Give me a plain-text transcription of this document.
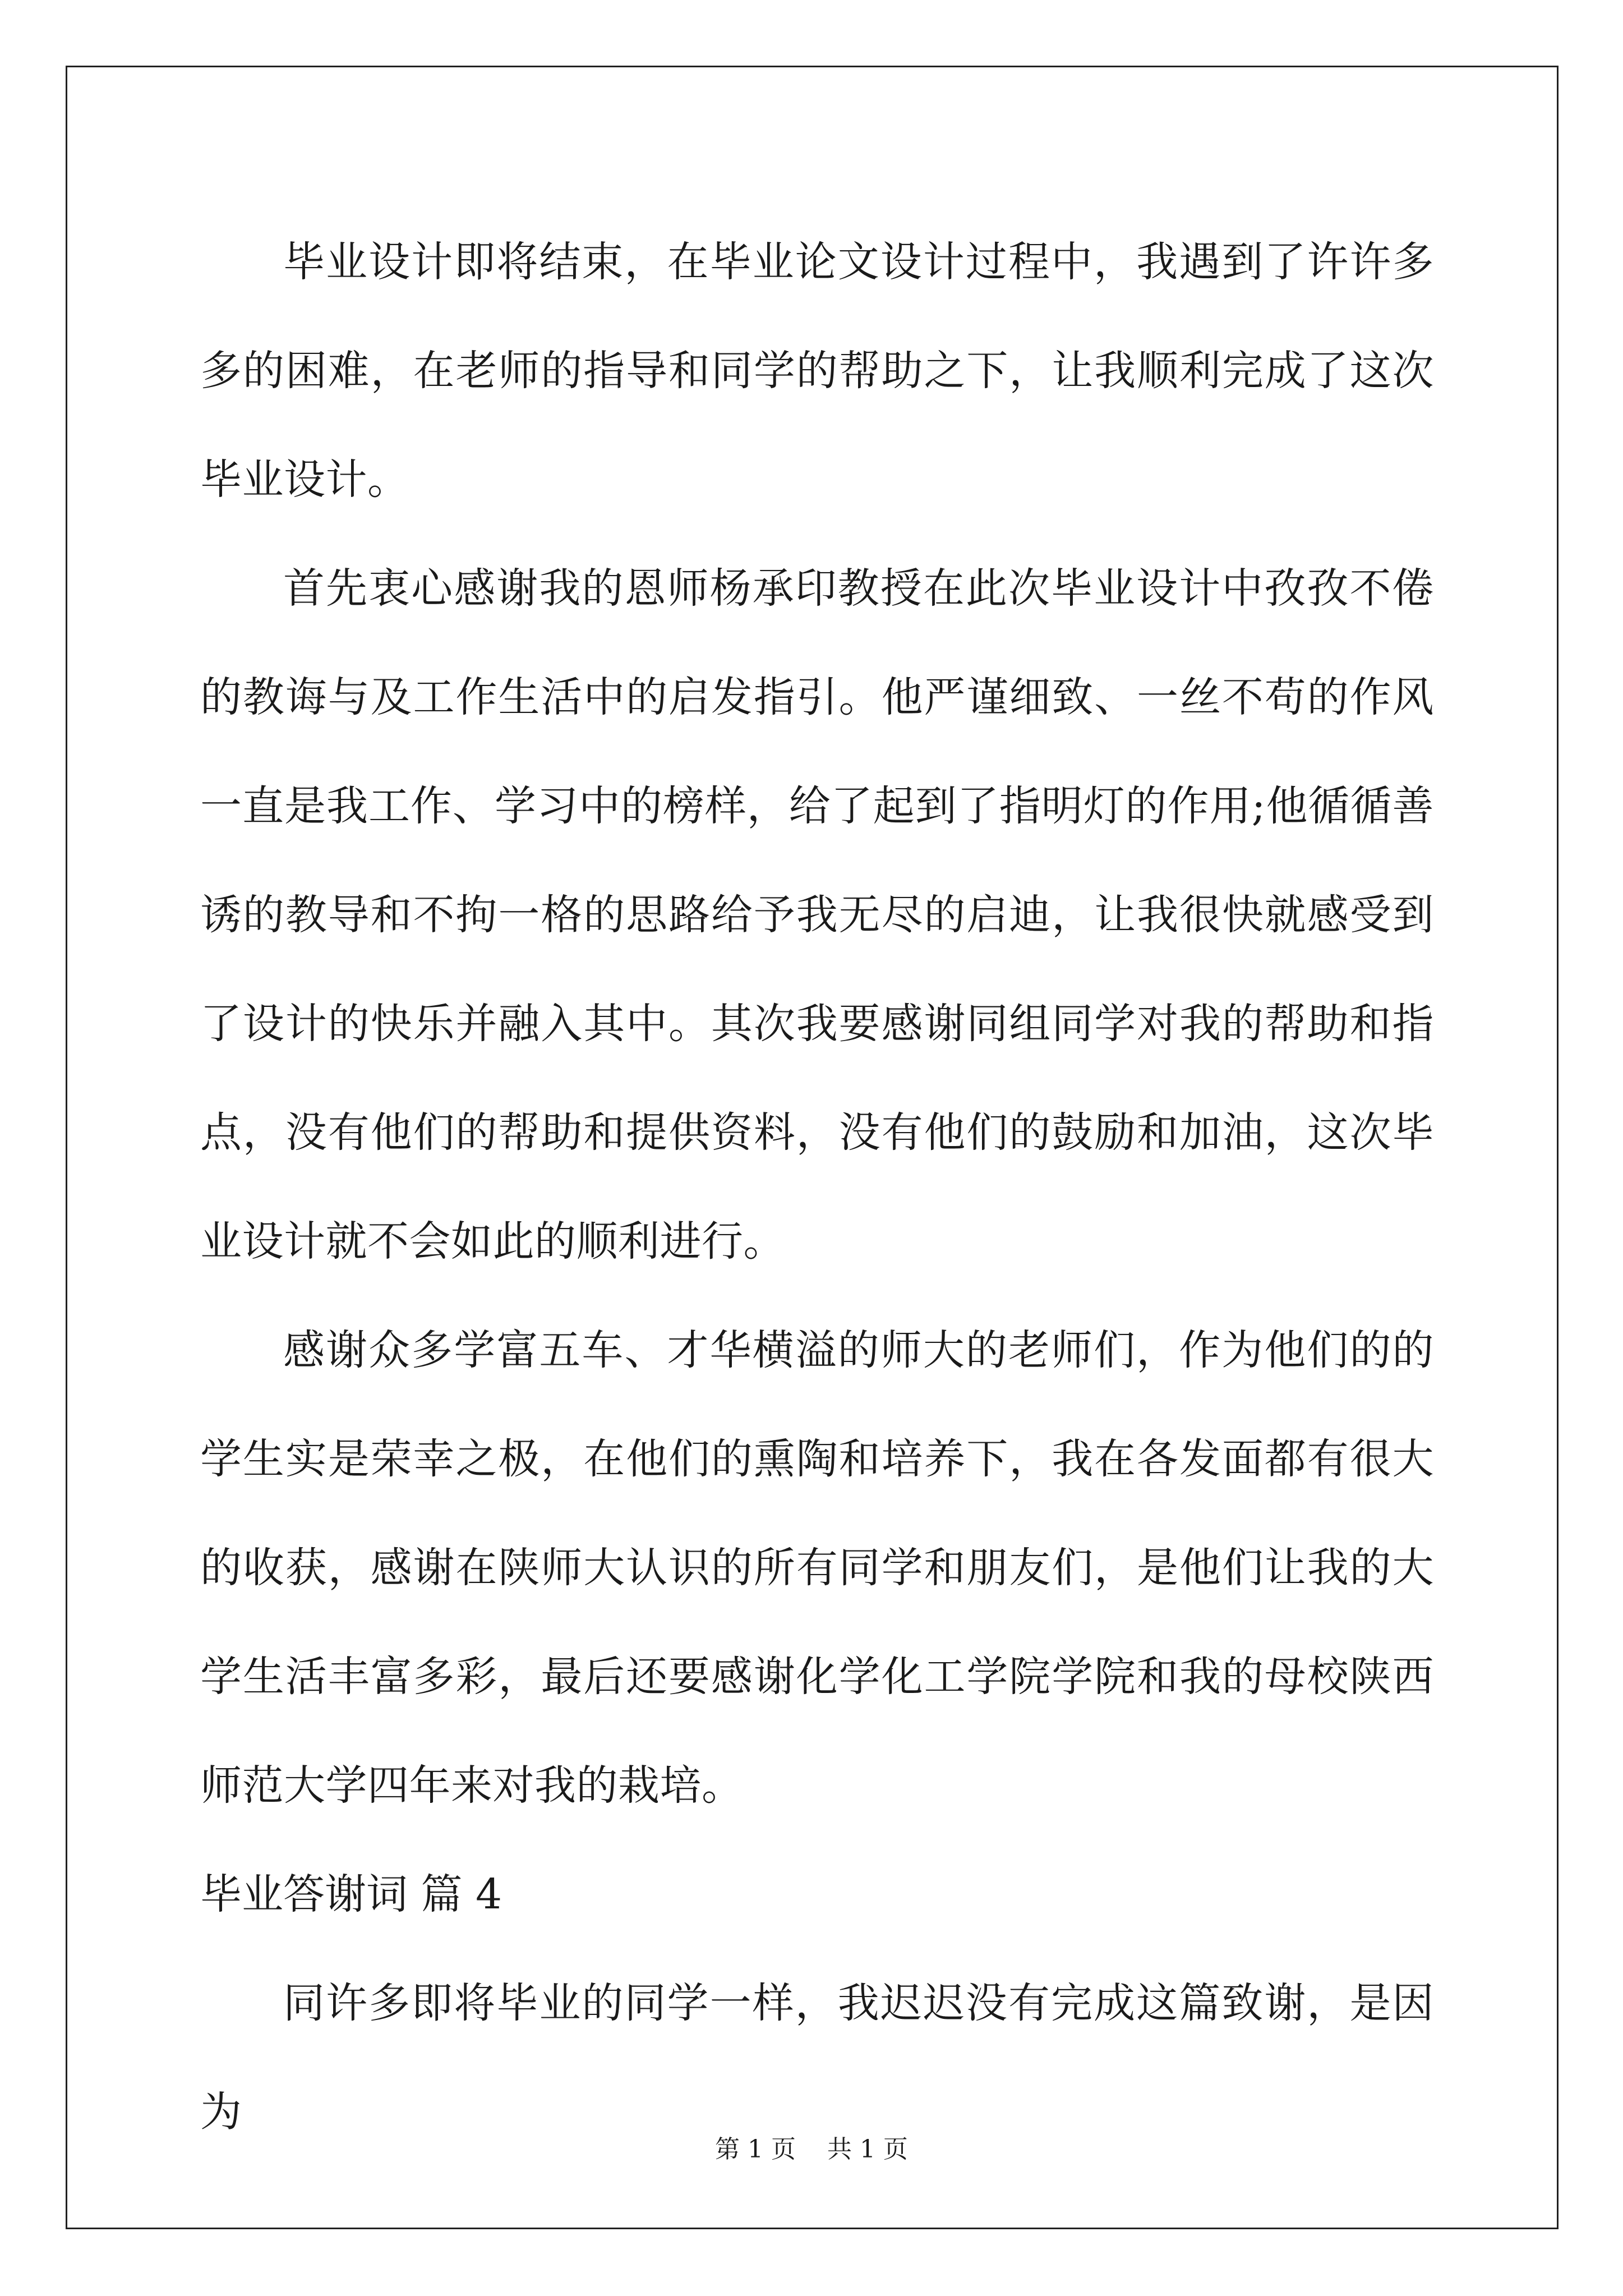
毕业设计即将结束，在毕业论文设计过程中，我遇到了许许多多的困难，在老师的指导和同学的帮助之下，让我顺利完成了这次毕业设计。

首先衷心感谢我的恩师杨承印教授在此次毕业设计中孜孜不倦的教诲与及工作生活中的启发指引。他严谨细致、一丝不苟的作风一直是我工作、学习中的榜样，给了起到了指明灯的作用;他循循善诱的教导和不拘一格的思路给予我无尽的启迪，让我很快就感受到了设计的快乐并融入其中。其次我要感谢同组同学对我的帮助和指点，没有他们的帮助和提供资料，没有他们的鼓励和加油，这次毕业设计就不会如此的顺利进行。

感谢众多学富五车、才华横溢的师大的老师们，作为他们的的学生实是荣幸之极，在他们的熏陶和培养下，我在各发面都有很大的收获，感谢在陕师大认识的所有同学和朋友们，是他们让我的大学生活丰富多彩，最后还要感谢化学化工学院学院和我的母校陕西师范大学四年来对我的栽培。

毕业答谢词 篇 4

同许多即将毕业的同学一样，我迟迟没有完成这篇致谢，是因为

第 1 页    共 1 页
